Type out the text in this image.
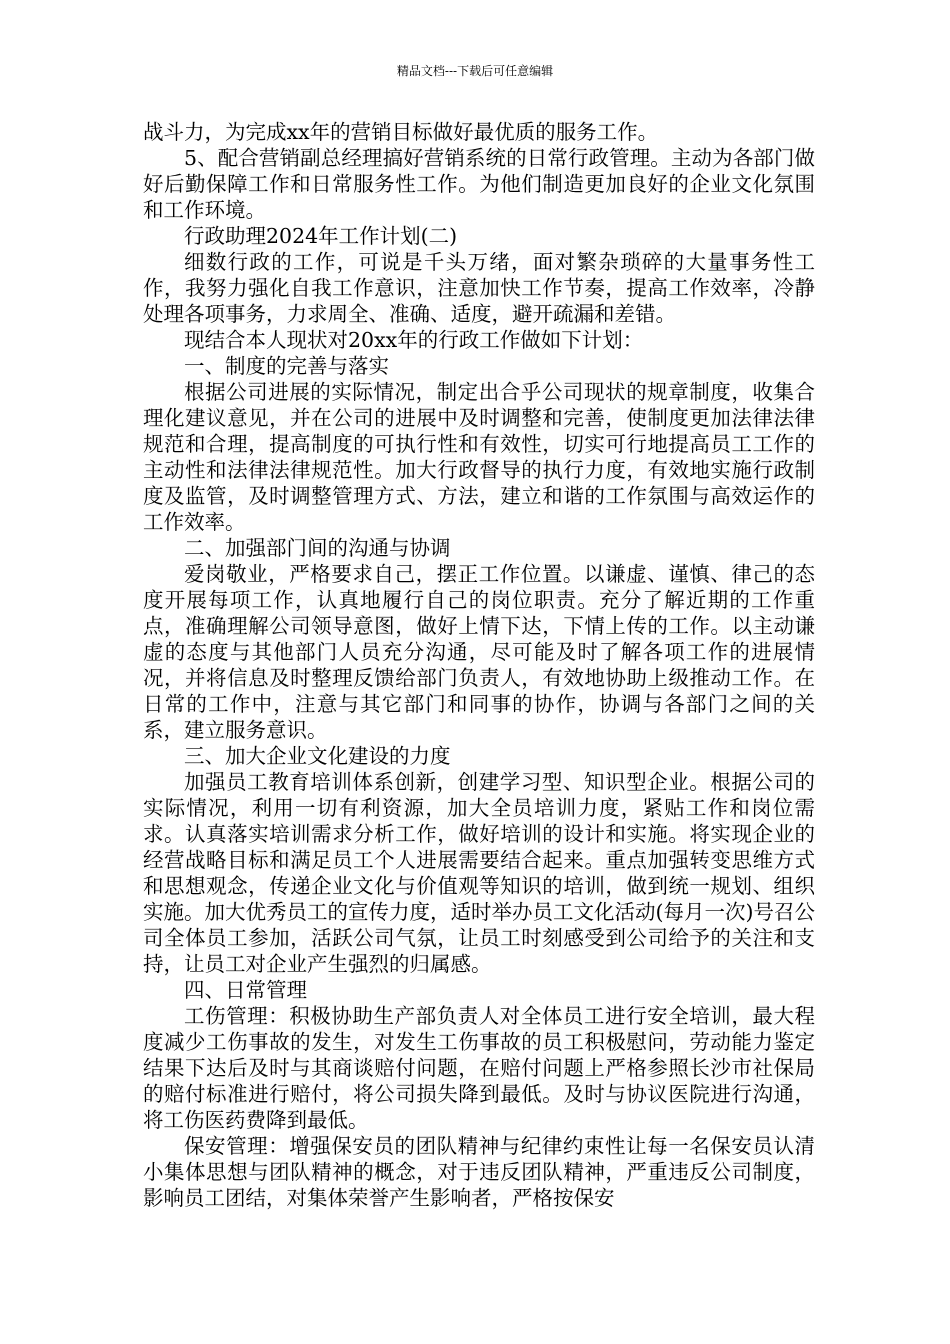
精品文档---下载后可任意编辑

战斗力，为完成xx年的营销目标做好最优质的服务工作。

5、配合营销副总经理搞好营销系统的日常行政管理。主动为各部门做好后勤保障工作和日常服务性工作。为他们制造更加良好的企业文化氛围和工作环境。

行政助理2024年工作计划(二)

细数行政的工作，可说是千头万绪，面对繁杂琐碎的大量事务性工作，我努力强化自我工作意识，注意加快工作节奏，提高工作效率，冷静处理各项事务，力求周全、准确、适度，避开疏漏和差错。

现结合本人现状对20xx年的行政工作做如下计划：

一、制度的完善与落实

根据公司进展的实际情况，制定出合乎公司现状的规章制度，收集合理化建议意见，并在公司的进展中及时调整和完善，使制度更加法律法律规范和合理，提高制度的可执行性和有效性，切实可行地提高员工工作的主动性和法律法律规范性。加大行政督导的执行力度，有效地实施行政制度及监管，及时调整管理方式、方法，建立和谐的工作氛围与高效运作的工作效率。

二、加强部门间的沟通与协调

爱岗敬业，严格要求自己，摆正工作位置。以谦虚、谨慎、律己的态度开展每项工作，认真地履行自己的岗位职责。充分了解近期的工作重点，准确理解公司领导意图，做好上情下达，下情上传的工作。以主动谦虚的态度与其他部门人员充分沟通，尽可能及时了解各项工作的进展情况，并将信息及时整理反馈给部门负责人，有效地协助上级推动工作。在日常的工作中，注意与其它部门和同事的协作，协调与各部门之间的关系，建立服务意识。

三、加大企业文化建设的力度

加强员工教育培训体系创新，创建学习型、知识型企业。根据公司的实际情况，利用一切有利资源，加大全员培训力度，紧贴工作和岗位需求。认真落实培训需求分析工作，做好培训的设计和实施。将实现企业的经营战略目标和满足员工个人进展需要结合起来。重点加强转变思维方式和思想观念，传递企业文化与价值观等知识的培训，做到统一规划、组织实施。加大优秀员工的宣传力度，适时举办员工文化活动(每月一次)号召公司全体员工参加，活跃公司气氛，让员工时刻感受到公司给予的关注和支持，让员工对企业产生强烈的归属感。

四、日常管理

工伤管理：积极协助生产部负责人对全体员工进行安全培训，最大程度减少工伤事故的发生，对发生工伤事故的员工积极慰问，劳动能力鉴定结果下达后及时与其商谈赔付问题，在赔付问题上严格参照长沙市社保局的赔付标准进行赔付，将公司损失降到最低。及时与协议医院进行沟通，将工伤医药费降到最低。

保安管理：增强保安员的团队精神与纪律约束性让每一名保安员认清小集体思想与团队精神的概念，对于违反团队精神，严重违反公司制度，影响员工团结，对集体荣誉产生影响者，严格按保安
